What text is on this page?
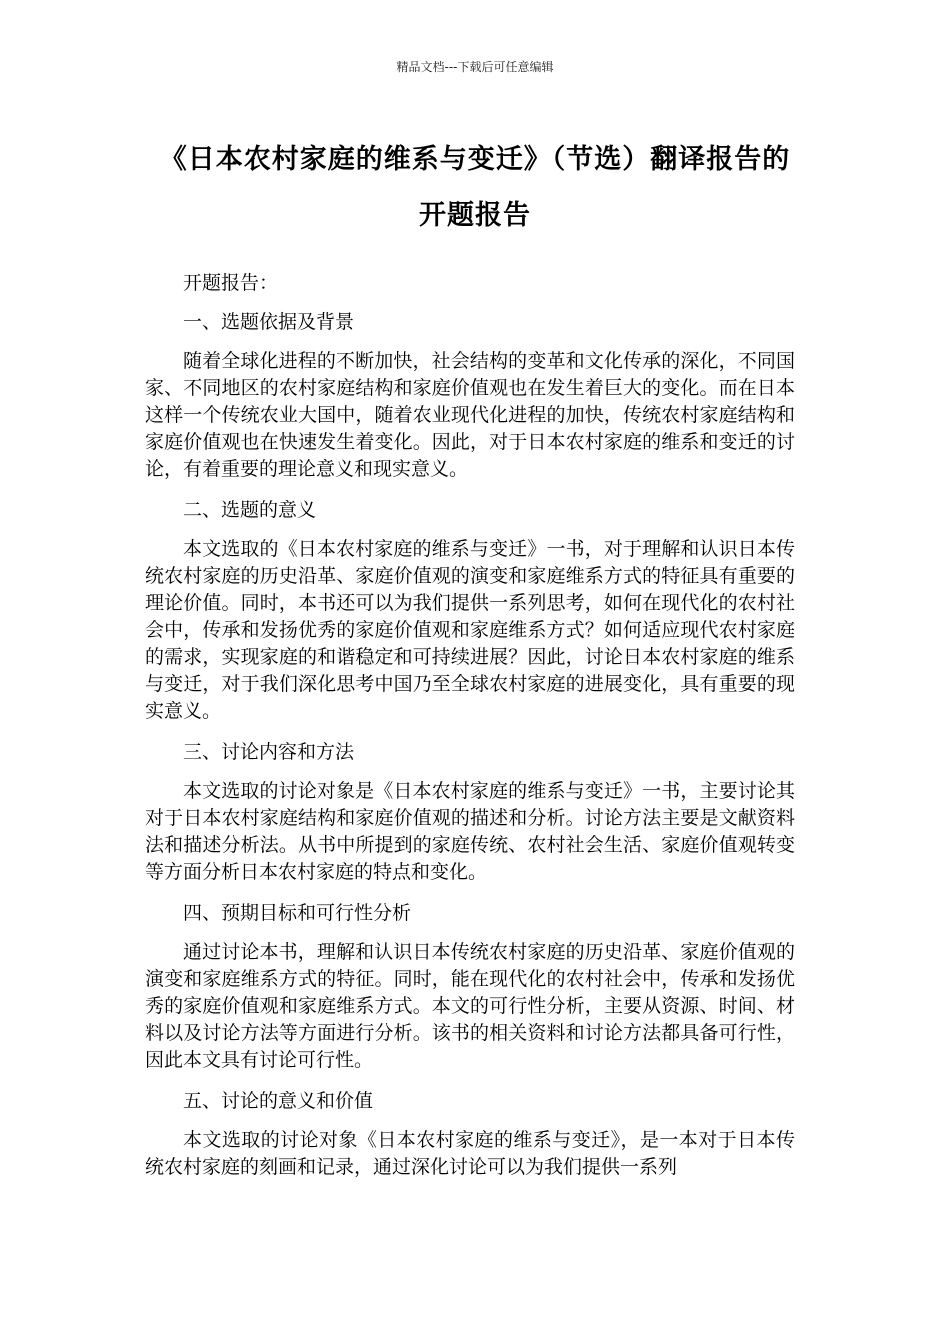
精品文档---下载后可任意编辑
《日本农村家庭的维系与变迁》（节选）翻译报告的
开题报告

开题报告：

一、选题依据及背景

随着全球化进程的不断加快，社会结构的变革和文化传承的深化，不同国家、不同地区的农村家庭结构和家庭价值观也在发生着巨大的变化。而在日本这样一个传统农业大国中，随着农业现代化进程的加快，传统农村家庭结构和家庭价值观也在快速发生着变化。因此，对于日本农村家庭的维系和变迁的讨论，有着重要的理论意义和现实意义。

二、选题的意义

本文选取的《日本农村家庭的维系与变迁》一书，对于理解和认识日本传统农村家庭的历史沿革、家庭价值观的演变和家庭维系方式的特征具有重要的理论价值。同时，本书还可以为我们提供一系列思考，如何在现代化的农村社会中，传承和发扬优秀的家庭价值观和家庭维系方式？如何适应现代农村家庭的需求，实现家庭的和谐稳定和可持续进展？因此，讨论日本农村家庭的维系与变迁，对于我们深化思考中国乃至全球农村家庭的进展变化，具有重要的现实意义。

三、讨论内容和方法

本文选取的讨论对象是《日本农村家庭的维系与变迁》一书，主要讨论其对于日本农村家庭结构和家庭价值观的描述和分析。讨论方法主要是文献资料法和描述分析法。从书中所提到的家庭传统、农村社会生活、家庭价值观转变等方面分析日本农村家庭的特点和变化。

四、预期目标和可行性分析

通过讨论本书，理解和认识日本传统农村家庭的历史沿革、家庭价值观的演变和家庭维系方式的特征。同时，能在现代化的农村社会中，传承和发扬优秀的家庭价值观和家庭维系方式。本文的可行性分析，主要从资源、时间、材料以及讨论方法等方面进行分析。该书的相关资料和讨论方法都具备可行性，因此本文具有讨论可行性。

五、讨论的意义和价值

本文选取的讨论对象《日本农村家庭的维系与变迁》，是一本对于日本传统农村家庭的刻画和记录，通过深化讨论可以为我们提供一系列
